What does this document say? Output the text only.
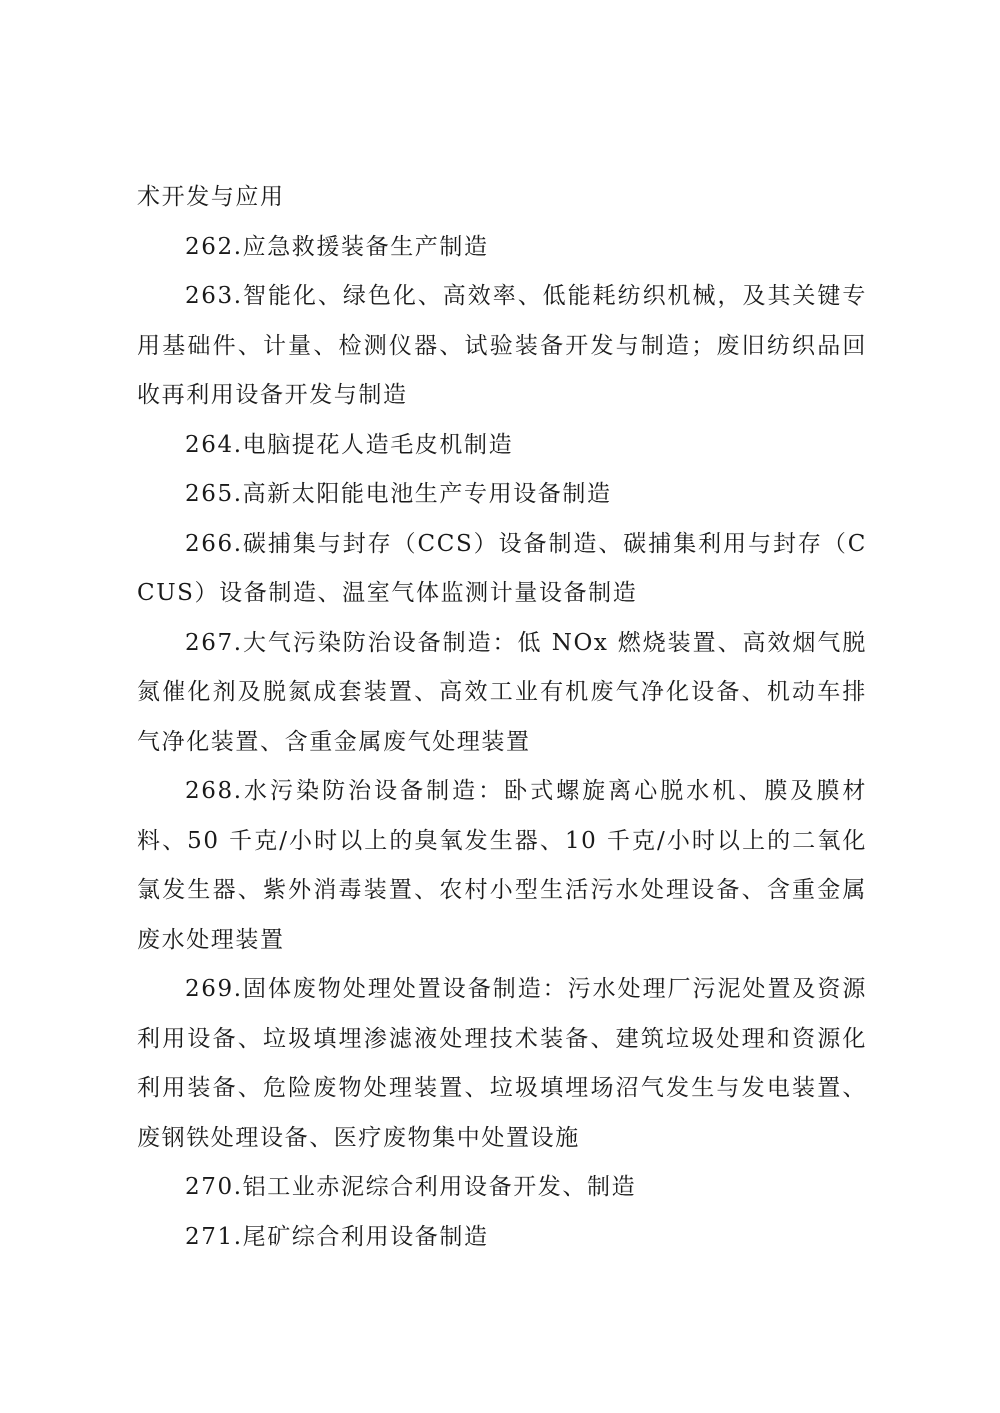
术开发与应用

262.应急救援装备生产制造

263.智能化、绿色化、高效率、低能耗纺织机械，及其关键专用基础件、计量、检测仪器、试验装备开发与制造；废旧纺织品回收再利用设备开发与制造

264.电脑提花人造毛皮机制造

265.高新太阳能电池生产专用设备制造

266.碳捕集与封存（CCS）设备制造、碳捕集利用与封存（CCUS）设备制造、温室气体监测计量设备制造

267.大气污染防治设备制造：低 NOx 燃烧装置、高效烟气脱氮催化剂及脱氮成套装置、高效工业有机废气净化设备、机动车排气净化装置、含重金属废气处理装置

268.水污染防治设备制造：卧式螺旋离心脱水机、膜及膜材料、50 千克/小时以上的臭氧发生器、10 千克/小时以上的二氧化氯发生器、紫外消毒装置、农村小型生活污水处理设备、含重金属废水处理装置

269.固体废物处理处置设备制造：污水处理厂污泥处置及资源利用设备、垃圾填埋渗滤液处理技术装备、建筑垃圾处理和资源化利用装备、危险废物处理装置、垃圾填埋场沼气发生与发电装置、废钢铁处理设备、医疗废物集中处置设施

270.铝工业赤泥综合利用设备开发、制造

271.尾矿综合利用设备制造
